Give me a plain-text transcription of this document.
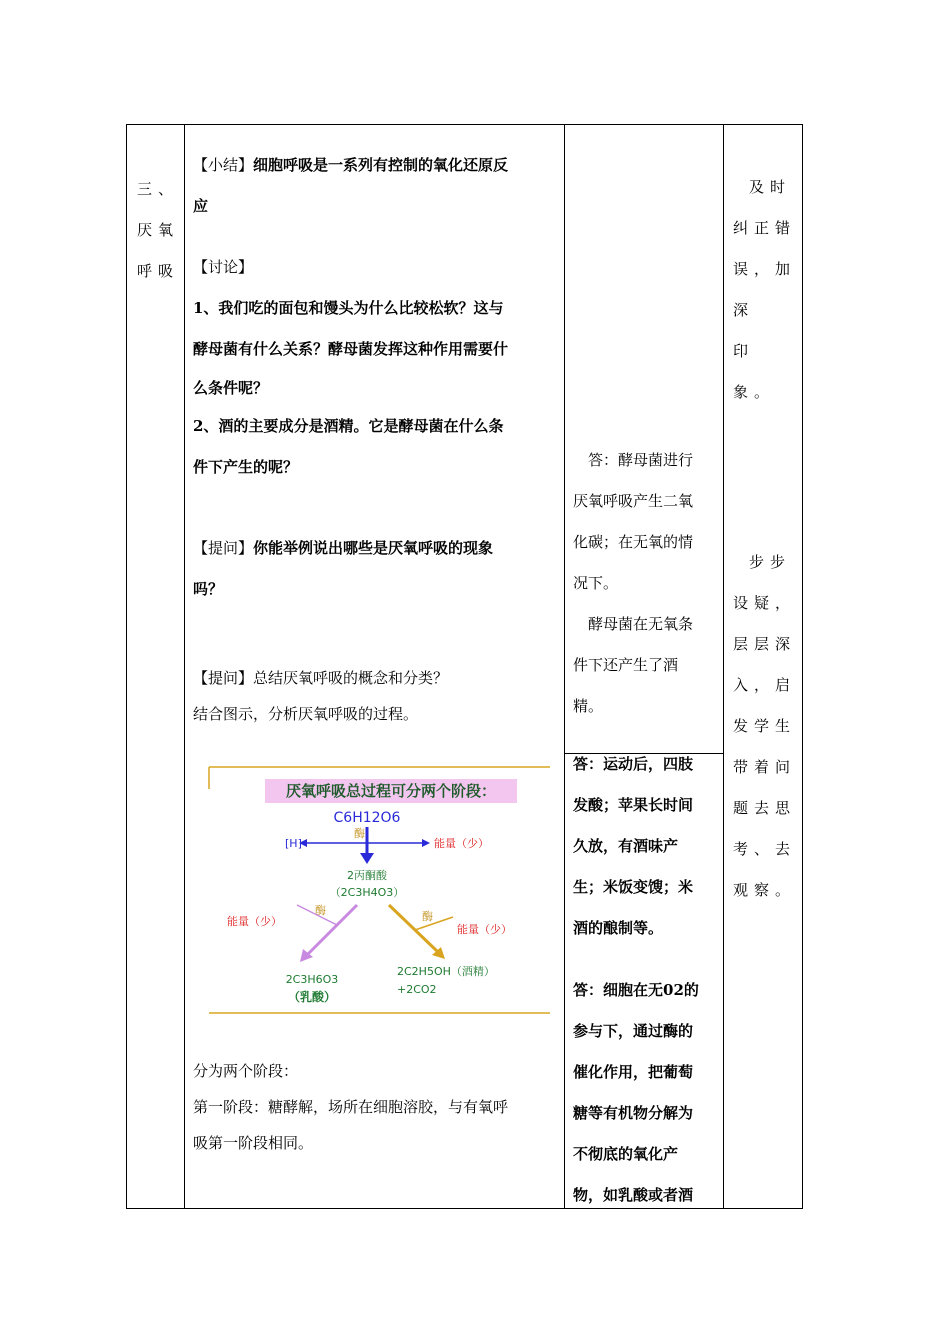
三、

厌氧

呼吸

【小结】细胞呼吸是一系列有控制的氧化还原反

应

【讨论】

1、我们吃的面包和馒头为什么比较松软？这与

酵母菌有什么关系？酵母菌发挥这种作用需要什

么条件呢？

2、酒的主要成分是酒精。它是酵母菌在什么条

件下产生的呢？

【提问】你能举例说出哪些是厌氧呼吸的现象

吗？

【提问】总结厌氧呼吸的概念和分类？

结合图示，分析厌氧呼吸的过程。

厌氧呼吸总过程可分两个阶段：
C6H12O6
酶
[H]	能量（少）
2丙酮酸
（2C3H4O3）
酶
能量（少）	酶
能量（少）
2C3H6O3
（乳酸）
2C2H5OH（酒精）
+2CO2

分为两个阶段：

第一阶段：糖酵解，场所在细胞溶胶，与有氧呼

吸第一阶段相同。

答：酵母菌进行

厌氧呼吸产生二氧

化碳；在无氧的情

况下。

酵母菌在无氧条

件下还产生了酒

精。

答：运动后，四肢

发酸；苹果长时间

久放，有酒味产

生；米饭变馊；米

酒的酿制等。

答：细胞在无02的

参与下，通过酶的

催化作用，把葡萄

糖等有机物分解为

不彻底的氧化产

物，如乳酸或者酒

及时

纠正错

误，加

深印

象。

步步

设疑，

层层深

入，启

发学生

带着问

题去思

考、去

观察。
